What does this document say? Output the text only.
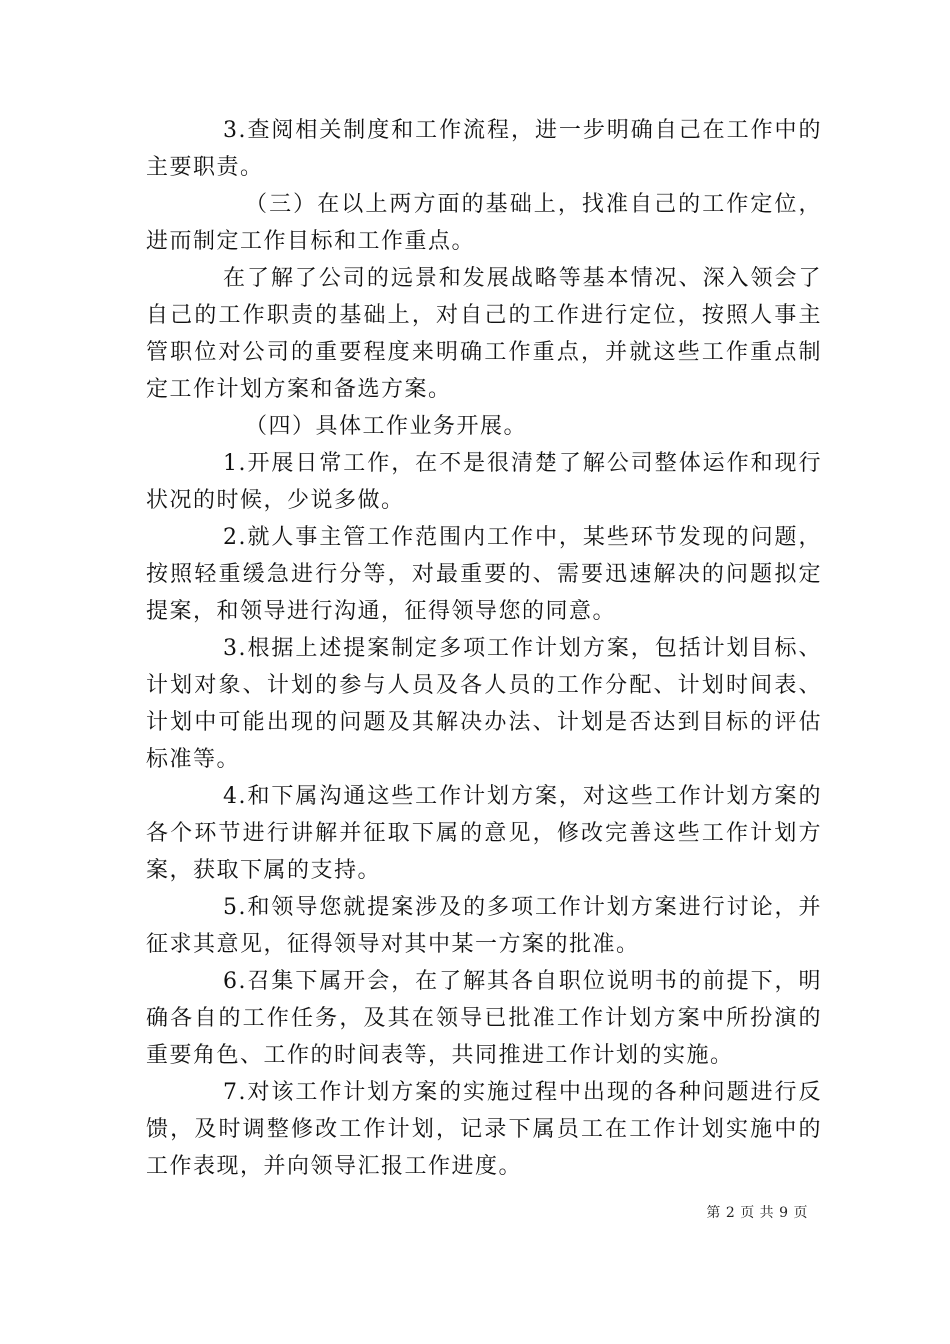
3.查阅相关制度和工作流程，进一步明确自己在工作中的主要职责。

（三）在以上两方面的基础上，找准自己的工作定位，进而制定工作目标和工作重点。

在了解了公司的远景和发展战略等基本情况、深入领会了自己的工作职责的基础上，对自己的工作进行定位，按照人事主管职位对公司的重要程度来明确工作重点，并就这些工作重点制定工作计划方案和备选方案。

（四）具体工作业务开展。

1.开展日常工作，在不是很清楚了解公司整体运作和现行状况的时候，少说多做。

2.就人事主管工作范围内工作中，某些环节发现的问题，按照轻重缓急进行分等，对最重要的、需要迅速解决的问题拟定提案，和领导进行沟通，征得领导您的同意。

3.根据上述提案制定多项工作计划方案，包括计划目标、计划对象、计划的参与人员及各人员的工作分配、计划时间表、计划中可能出现的问题及其解决办法、计划是否达到目标的评估标准等。

4.和下属沟通这些工作计划方案，对这些工作计划方案的各个环节进行讲解并征取下属的意见，修改完善这些工作计划方案，获取下属的支持。

5.和领导您就提案涉及的多项工作计划方案进行讨论，并征求其意见，征得领导对其中某一方案的批准。

6.召集下属开会，在了解其各自职位说明书的前提下，明确各自的工作任务，及其在领导已批准工作计划方案中所扮演的重要角色、工作的时间表等，共同推进工作计划的实施。

7.对该工作计划方案的实施过程中出现的各种问题进行反馈，及时调整修改工作计划，记录下属员工在工作计划实施中的工作表现，并向领导汇报工作进度。

第 2 页 共 9 页
